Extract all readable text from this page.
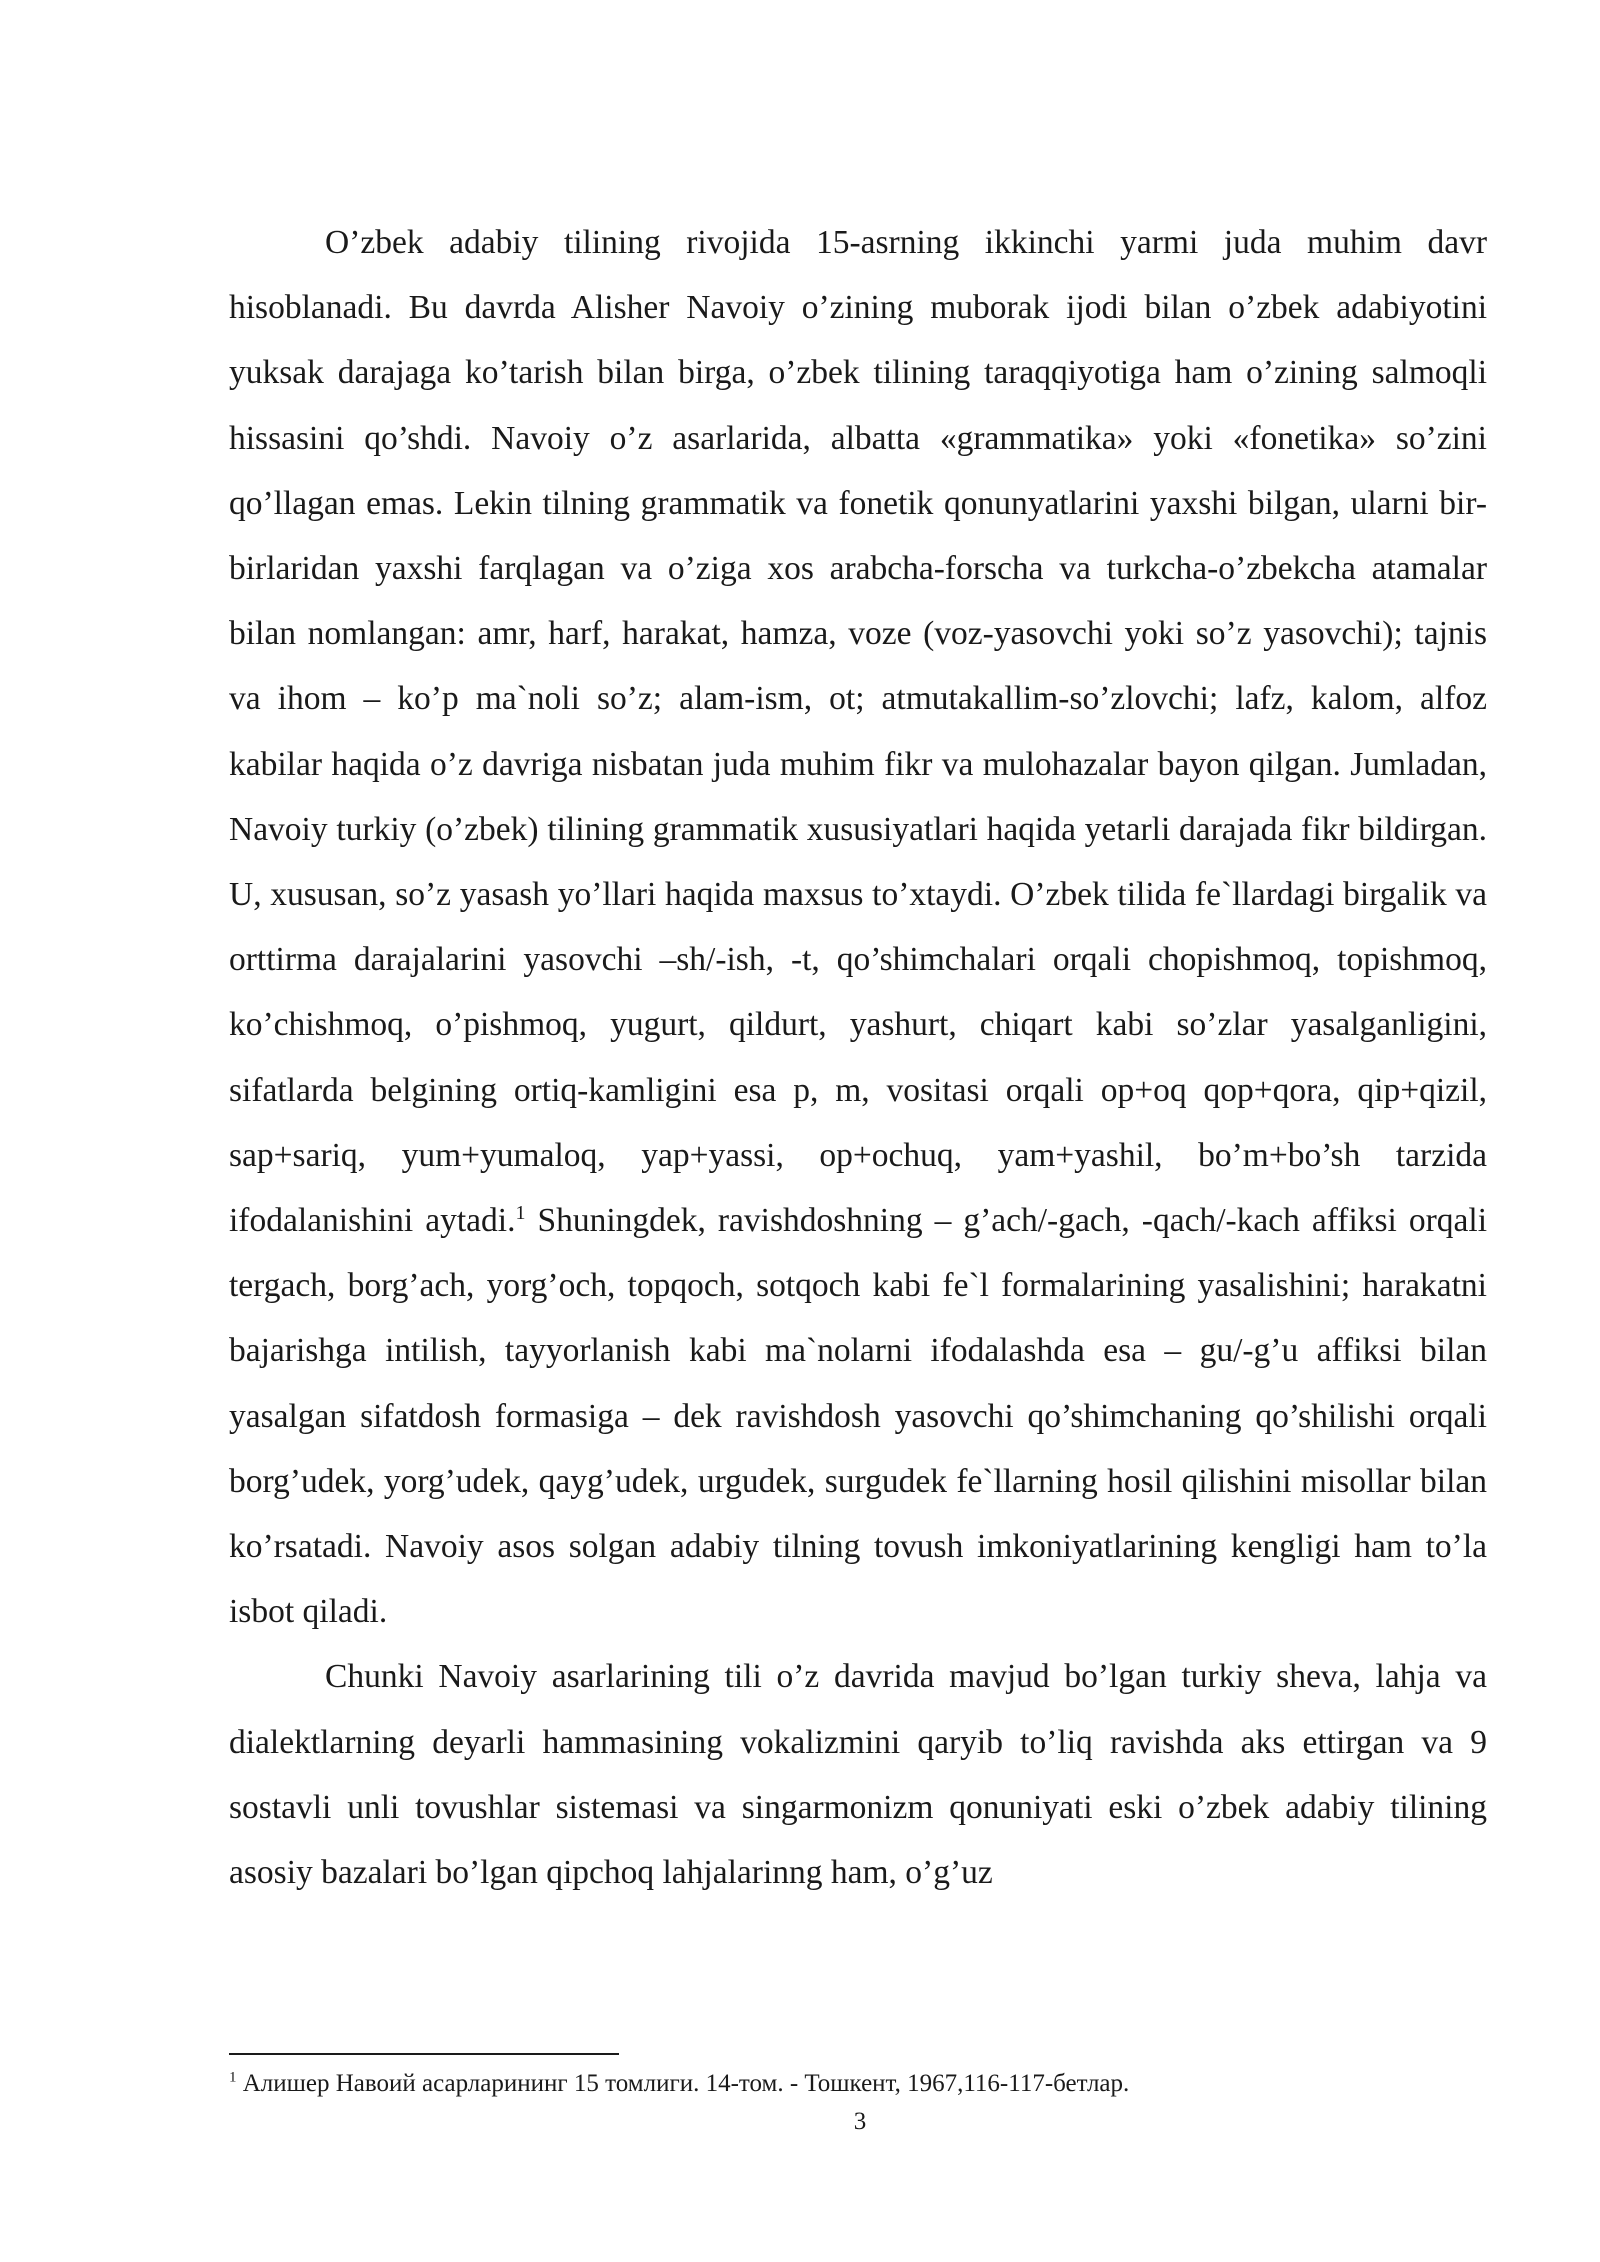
O’zbek adabiy tilining rivojida 15-asrning ikkinchi yarmi juda muhim davr hisoblanadi. Bu davrda Alisher Navoiy o’zining muborak ijodi bilan o’zbek adabiyotini yuksak darajaga ko’tarish bilan birga, o’zbek tilining taraqqiyotiga ham o’zining salmoqli hissasini qo’shdi. Navoiy o’z asarlarida, albatta «grammatika» yoki «fonetika» so’zini qo’llagan emas. Lekin tilning grammatik va fonetik qonunyatlarini yaxshi bilgan, ularni bir-birlaridan yaxshi farqlagan va o’ziga xos arabcha-forscha va turkcha-o’zbekcha atamalar bilan nomlangan: amr, harf, harakat, hamza, voze (voz-yasovchi yoki so’z yasovchi); tajnis va ihom – ko’p ma`noli so’z; alam-ism, ot; atmutakallim-so’zlovchi; lafz, kalom, alfoz kabilar haqida o’z davriga nisbatan juda muhim fikr va mulohazalar bayon qilgan. Jumladan, Navoiy turkiy (o’zbek) tilining grammatik xususiyatlari haqida yetarli darajada fikr bildirgan. U, xususan, so’z yasash yo’llari haqida maxsus to’xtaydi. O’zbek tilida fe`llardagi birgalik va orttirma darajalarini yasovchi –sh/-ish, -t, qo’shimchalari orqali chopishmoq, topishmoq, ko’chishmoq, o’pishmoq, yugurt, qildurt, yashurt, chiqart kabi so’zlar yasalganligini, sifatlarda belgining ortiq-kamligini esa p, m, vositasi orqali op+oq qop+qora, qip+qizil, sap+sariq, yum+yumaloq, yap+yassi, op+ochuq, yam+yashil, bo’m+bo’sh tarzida ifodalanishini aytadi.$^1$ Shuningdek, ravishdoshning – g’ach/-gach, -qach/-kach affiksi orqali tergach, borg’ach, yorg’och, topqoch, sotqoch kabi fe`l formalarining yasalishini; harakatni bajarishga intilish, tayyorlanish kabi ma`nolarni ifodalashda esa – gu/-g’u affiksi bilan yasalgan sifatdosh formasiga – dek ravishdosh yasovchi qo’shimchaning qo’shilishi orqali borg’udek, yorg’udek, qayg’udek, urgudek, surgudek fe`llarning hosil qilishini misollar bilan ko’rsatadi. Navoiy asos solgan adabiy tilning tovush imkoniyatlarining kengligi ham to’la isbot qiladi.

Chunki Navoiy asarlarining tili o’z davrida mavjud bo’lgan turkiy sheva, lahja va dialektlarning deyarli hammasining vokalizmini qaryib to’liq ravishda aks ettirgan va 9 sostavli unli tovushlar sistemasi va singarmonizm qonuniyati eski o’zbek adabiy tilining asosiy bazalari bo’lgan qipchoq lahjalarinng ham, o’g’uz

$^1$ Алишер Навоий асарларининг 15 томлиги. 14-том. - Тошкент, 1967,116-117-бетлар.

3
